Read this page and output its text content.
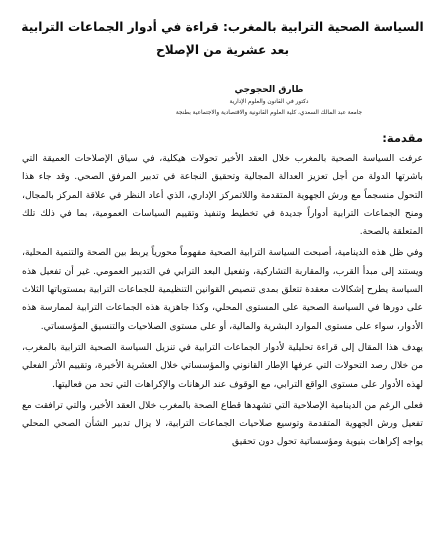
السياسة الصحية الترابية بالمغرب: قراءة في أدوار الجماعات الترابية
بعد عشرية من الإصلاح
طارق الحجوجي
دكتور في القانون والعلوم الإدارية
جامعة عبد المالك السعدي، كلية العلوم القانونية والاقتصادية والاجتماعية بطنجة
مقدمة:

عرفت السياسة الصحية بالمغرب خلال العقد الأخير تحولات هيكلية، في سياق الإصلاحات العميقة التي باشرتها الدولة من أجل تعزيز العدالة المجالية وتحقيق النجاعة في تدبير المرفق الصحي. وقد جاء هذا التحول منسجماً مع ورش الجهوية المتقدمة واللاتمركز الإداري، الذي أعاد النظر في علاقة المركز بالمجال، ومنح الجماعات الترابية أدواراً جديدة في تخطيط وتنفيذ وتقييم السياسات العمومية، بما في ذلك تلك المتعلقة بالصحة.

وفي ظل هذه الدينامية، أصبحت السياسة الترابية الصحية مفهوماً محورياً يربط بين الصحة والتنمية المحلية، ويستند إلى مبدأ القرب، والمقاربة التشاركية، وتفعيل البعد الترابي في التدبير العمومي. غير أن تفعيل هذه السياسة يطرح إشكالات معقدة تتعلق بمدى تنصيص القوانين التنظيمية للجماعات الترابية بمستوياتها الثلاث على دورها في السياسة الصحية على المستوى المحلي، وكذا جاهزية هذه الجماعات الترابية لممارسة هذه الأدوار، سواء على مستوى الموارد البشرية والمالية، أو على مستوى الصلاحيات والتنسيق المؤسساتي.

يهدف هذا المقال إلى قراءة تحليلية لأدوار الجماعات الترابية في تنزيل السياسة الصحية الترابية بالمغرب، من خلال رصد التحولات التي عرفها الإطار القانوني والمؤسساتي خلال العشرية الأخيرة، وتقييم الأثر الفعلي لهذه الأدوار على مستوى الواقع الترابي، مع الوقوف عند الرهانات والإكراهات التي تحد من فعاليتها.

فعلى الرغم من الدينامية الإصلاحية التي تشهدها قطاع الصحة بالمغرب خلال العقد الأخير، والتي ترافقت مع تفعيل ورش الجهوية المتقدمة وتوسيع صلاحيات الجماعات الترابية، لا يزال تدبير الشأن الصحي المحلي يواجه إكراهات بنيوية ومؤسساتية تحول دون تحقيق
